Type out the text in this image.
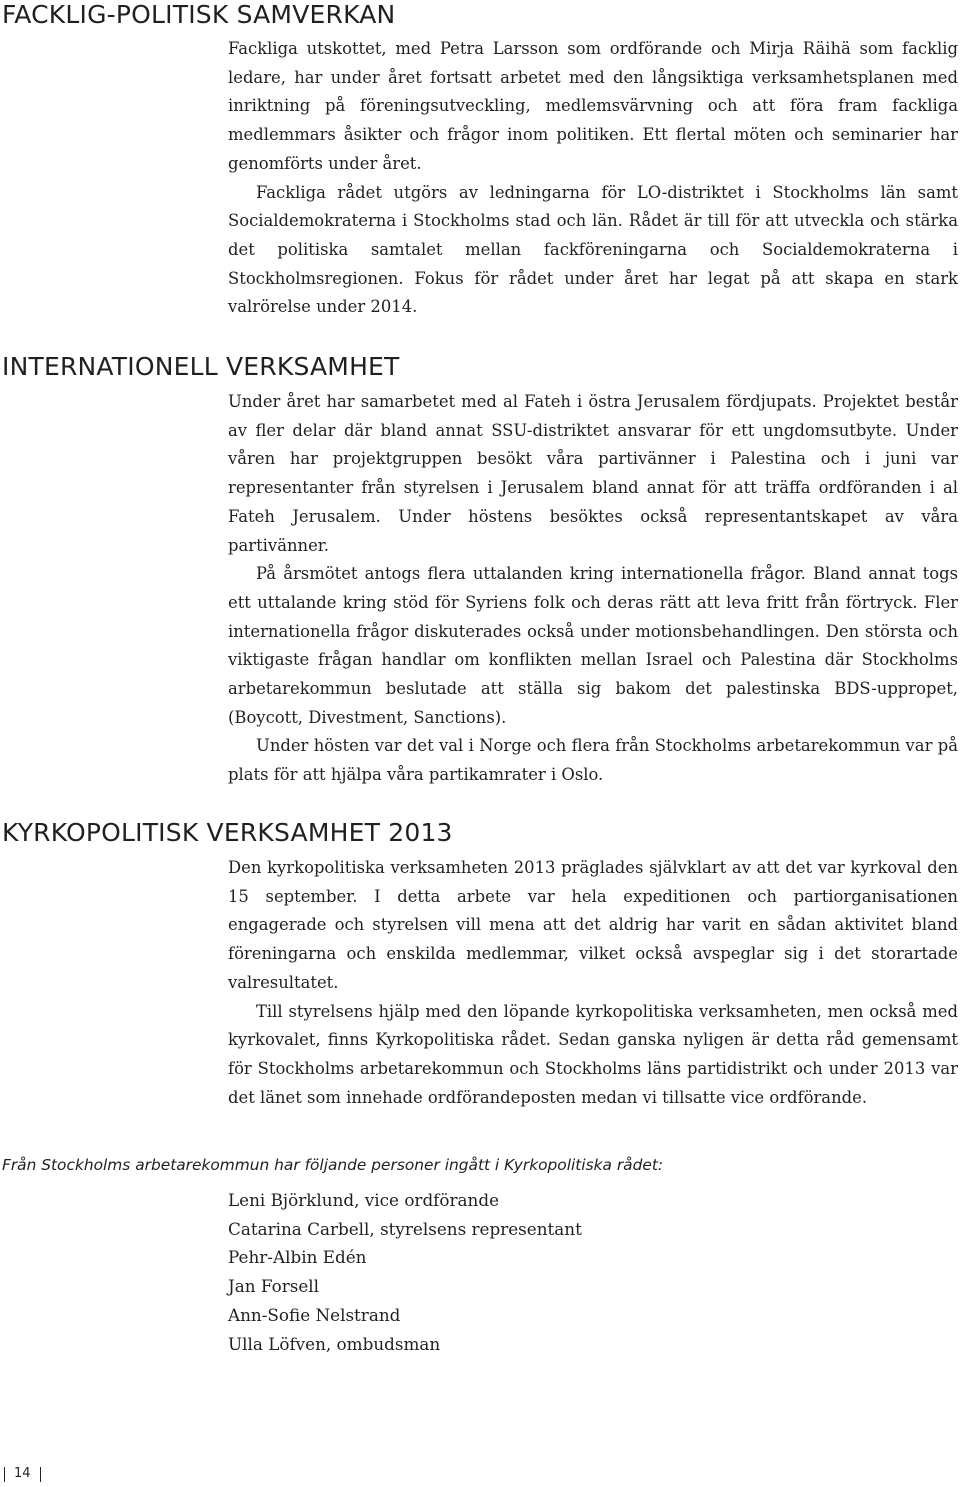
FACKLIG-POLITISK SAMVERKAN

Fackliga utskottet, med Petra Larsson som ordförande och Mirja Räihä som facklig ledare, har under året fortsatt arbetet med den långsiktiga verksamhetsplanen med inriktning på föreningsutveckling, medlemsvärvning och att föra fram fackliga medlemmars åsikter och frågor inom politiken. Ett flertal möten och seminarier har genomförts under året.

Fackliga rådet utgörs av ledningarna för LO-distriktet i Stockholms län samt Socialdemokraterna i Stockholms stad och län. Rådet är till för att utveckla och stärka det politiska samtalet mellan fackföreningarna och Socialdemokraterna i Stockholmsregionen. Fokus för rådet under året har legat på att skapa en stark valrörelse under 2014.

INTERNATIONELL VERKSAMHET

Under året har samarbetet med al Fateh i östra Jerusalem fördjupats. Projektet består av fler delar där bland annat SSU-distriktet ansvarar för ett ungdomsutbyte. Under våren har projektgruppen besökt våra partivänner i Palestina och i juni var representanter från styrelsen i Jerusalem bland annat för att träffa ordföranden i al Fateh Jerusalem. Under höstens besöktes också representantskapet av våra partivänner.

På årsmötet antogs flera uttalanden kring internationella frågor. Bland annat togs ett uttalande kring stöd för Syriens folk och deras rätt att leva fritt från förtryck. Fler internationella frågor diskuterades också under motionsbehandlingen. Den största och viktigaste frågan handlar om konflikten mellan Israel och Palestina där Stockholms arbetarekommun beslutade att ställa sig bakom det palestinska BDS-uppropet, (Boycott, Divestment, Sanctions).

Under hösten var det val i Norge och flera från Stockholms arbetarekommun var på plats för att hjälpa våra partikamrater i Oslo.

KYRKOPOLITISK VERKSAMHET 2013

Den kyrkopolitiska verksamheten 2013 präglades självklart av att det var kyrkoval den 15 september. I detta arbete var hela expeditionen och partiorganisationen engagerade och styrelsen vill mena att det aldrig har varit en sådan aktivitet bland föreningarna och enskilda medlemmar, vilket också avspeglar sig i det storartade valresultatet.

Till styrelsens hjälp med den löpande kyrkopolitiska verksamheten, men också med kyrkovalet, finns Kyrkopolitiska rådet. Sedan ganska nyligen är detta råd gemensamt för Stockholms arbetarekommun och Stockholms läns partidistrikt och under 2013 var det länet som innehade ordförandeposten medan vi tillsatte vice ordförande.

Från Stockholms arbetarekommun har följande personer ingått i Kyrkopolitiska rådet:

Leni Björklund, vice ordförande
Catarina Carbell, styrelsens representant
Pehr-Albin Edén
Jan Forsell
Ann-Sofie Nelstrand
Ulla Löfven, ombudsman
14
